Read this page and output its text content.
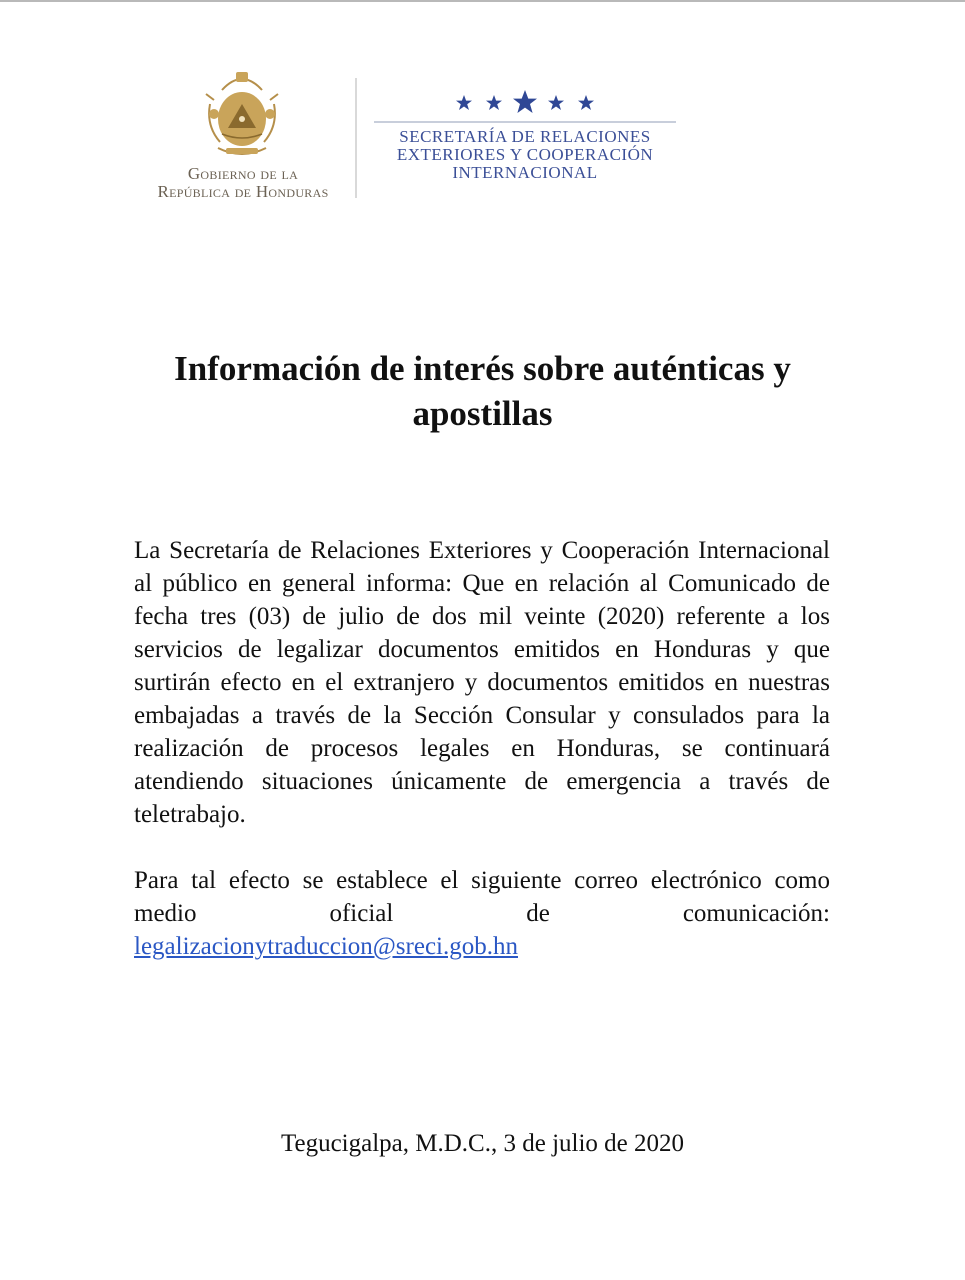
Gobierno de la
República de Honduras
SECRETARÍA DE RELACIONES
EXTERIORES Y COOPERACIÓN
INTERNACIONAL
Información de interés sobre auténticas y
apostillas

La Secretaría de Relaciones Exteriores y Cooperación Internacional al público en general informa: Que en relación al Comunicado de fecha tres (03) de julio de dos mil veinte (2020) referente a los servicios de legalizar documentos emitidos en Honduras y que surtirán efecto en el extranjero y documentos emitidos en nuestras embajadas a través de la Sección Consular y consulados para la realización de procesos legales en Honduras, se continuará atendiendo situaciones únicamente de emergencia a través de teletrabajo.

Para tal efecto se establece el siguiente correo electrónico como medio oficial de comunicación: legalizacionytraduccion@sreci.gob.hn

Tegucigalpa, M.D.C., 3 de julio de 2020
